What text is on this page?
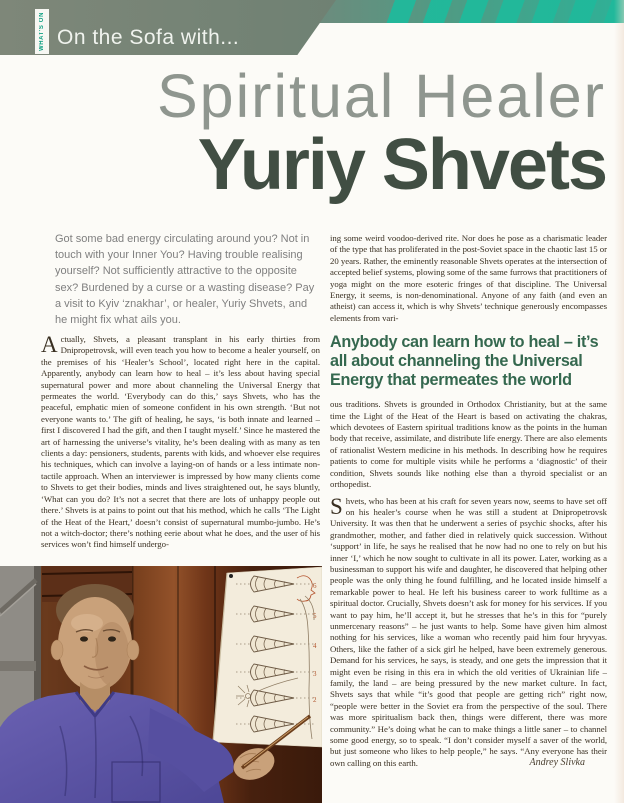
WHAT'S ON On the Sofa with...
Spiritual Healer
Yuriy Shvets
Got some bad energy circulating around you? Not in touch with your Inner You? Having trouble realising yourself? Not sufficiently attractive to the opposite sex? Burdened by a curse or a wasting disease? Pay a visit to Kyiv ‘znakhar’, or healer, Yuriy Shvets, and he might fix what ails you.

Actually, Shvets, a pleasant transplant in his early thirties from Dnipropetrovsk, will even teach you how to become a healer yourself, on the premises of his ‘Healer’s School’, located right here in the capital. Apparently, anybody can learn how to heal – it’s less about having special supernatural power and more about channeling the Universal Energy that permeates the world. ‘Everybody can do this,’ says Shvets, who has the peaceful, emphatic mien of someone confident in his own strength. ‘But not everyone wants to.’ The gift of healing, he says, ‘is both innate and learned – first I discovered I had the gift, and then I taught myself.’ Since he mastered the art of harnessing the universe’s vitality, he’s been dealing with as many as ten clients a day: pensioners, students, parents with kids, and whoever else requires his techniques, which can involve a laying-on of hands or a less intimate non-tactile approach. When an interviewer is impressed by how many clients come to Shvets to get their bodies, minds and lives straightened out, he says bluntly, ‘What can you do? It’s not a secret that there are lots of unhappy people out there.’ Shvets is at pains to point out that his method, which he calls ‘The Light of the Heat of the Heart,’ doesn’t consist of supernatural mumbo-jumbo. He’s not a witch-doctor; there’s nothing eerie about what he does, and the user of his services won’t find himself undergo-

ing some weird voodoo-derived rite. Nor does he pose as a charismatic leader of the type that has proliferated in the post-Soviet space in the chaotic last 15 or 20 years. Rather, the eminently reasonable Shvets operates at the intersection of accepted belief systems, plowing some of the same furrows that practitioners of yoga might on the more esoteric fringes of that discipline. The Universal Energy, it seems, is non-denominational. Anyone of any faith (and even an atheist) can access it, which is why Shvets’ technique generously encompasses elements from vari-

Anybody can learn how to heal – it’s all about channeling the Universal Energy that permeates the world

ous traditions. Shvets is grounded in Orthodox Christianity, but at the same time the Light of the Heat of the Heart is based on activating the chakras, which devotees of Eastern spiritual traditions know as the points in the human body that receive, assimilate, and distribute life energy. There are also elements of rationalist Western medicine in his methods. In describing how he requires patients to come for multiple visits while he performs a ‘diagnostic’ of their condition, Shvets sounds like nothing else than a thyroid specialist or an orthopedist.

Shvets, who has been at his craft for seven years now, seems to have set off on his healer’s course when he was still a student at Dnipropetrovsk University. It was then that he underwent a series of psychic shocks, after his grandmother, mother, and father died in relatively quick succession. Without ‘support’ in life, he says he realised that he now had no one to rely on but his inner ‘I,’ which he now sought to cultivate in all its power. Later, working as a businessman to support his wife and daughter, he discovered that helping other people was the only thing he found fulfilling, and he located inside himself a remarkable power to heal. He left his business career to work fulltime as a spiritual doctor. Crucially, Shvets doesn’t ask for money for his services. If you want to pay him, he’ll accept it, but he stresses that he’s in this for “purely unmercenary reasons” – he just wants to help. Some have given him almost nothing for his services, like a woman who recently paid him four hryvyas. Others, like the father of a sick girl he helped, have been extremely generous. Demand for his services, he says, is steady, and one gets the impression that it might even be rising in this era in which the old verities of Ukrainian life – family, the land – are being pressured by the new market culture. In fact, Shvets says that while “it’s good that people are getting rich” right now, “people were better in the Soviet era from the perspective of the soul. There was more spiritualism back then, things were different, there was more community.” He’s doing what he can to make things a little saner – to channel some good energy, so to speak. “I don’t consider myself a saver of the world, but just someone who likes to help people,” he says. “Any everyone has their own calling on this earth.	Andrey Slivka
6
5
4
3
2
